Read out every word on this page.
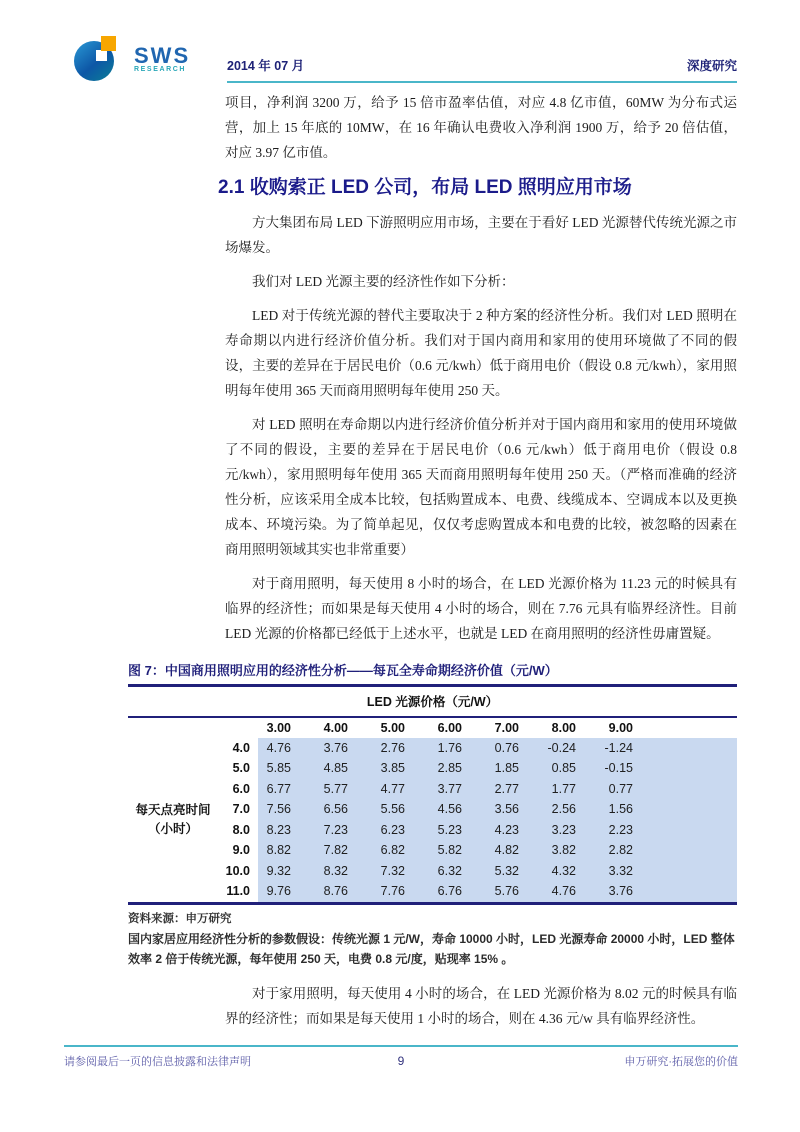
SWS
RESEARCH	2014 年 07 月	深度研究

项目，净利润 3200 万，给予 15 倍市盈率估值，对应 4.8 亿市值，60MW 为分布式运营，加上 15 年底的 10MW，在 16 年确认电费收入净利润 1900 万，给予 20 倍估值，对应 3.97 亿市值。

2.1 收购索正 LED 公司，布局 LED 照明应用市场

方大集团布局 LED 下游照明应用市场，主要在于看好 LED 光源替代传统光源之市场爆发。

我们对 LED 光源主要的经济性作如下分析：

LED 对于传统光源的替代主要取决于 2 种方案的经济性分析。我们对 LED 照明在寿命期以内进行经济价值分析。我们对于国内商用和家用的使用环境做了不同的假设，主要的差异在于居民电价（0.6 元/kwh）低于商用电价（假设 0.8 元/kwh），家用照明每年使用 365 天而商用照明每年使用 250 天。

对 LED 照明在寿命期以内进行经济价值分析并对于国内商用和家用的使用环境做了不同的假设，主要的差异在于居民电价（0.6 元/kwh）低于商用电价（假设 0.8 元/kwh），家用照明每年使用 365 天而商用照明每年使用 250 天。（严格而准确的经济性分析，应该采用全成本比较，包括购置成本、电费、线缆成本、空调成本以及更换成本、环境污染。为了简单起见，仅仅考虑购置成本和电费的比较，被忽略的因素在商用照明领域其实也非常重要）

对于商用照明，每天使用 8 小时的场合，在 LED 光源价格为 11.23 元的时候具有临界的经济性；而如果是每天使用 4 小时的场合，则在 7.76 元具有临界经济性。目前 LED 光源的价格都已经低于上述水平，也就是 LED 在商用照明的经济性毋庸置疑。

图 7：中国商用照明应用的经济性分析——每瓦全寿命期经济价值（元/W）
LED 光源价格（元/W）									
		3.00	4.00	5.00	6.00	7.00	8.00	9.00	

每天点亮时间
（小时）	4.0	4.76	3.76	2.76	1.76	0.76	-0.24	-1.24	
	5.0	5.85	4.85	3.85	2.85	1.85	0.85	-0.15	
	6.0	6.77	5.77	4.77	3.77	2.77	1.77	0.77	
	7.0	7.56	6.56	5.56	4.56	3.56	2.56	1.56	
	8.0	8.23	7.23	6.23	5.23	4.23	3.23	2.23	
	9.0	8.82	7.82	6.82	5.82	4.82	3.82	2.82	
	10.0	9.32	8.32	7.32	6.32	5.32	4.32	3.32	
	11.0	9.76	8.76	7.76	6.76	5.76	4.76	3.76	
资料来源：申万研究
国内家居应用经济性分析的参数假设：传统光源 1 元/W，寿命 10000 小时，LED 光源寿命 20000 小时，LED 整体效率 2 倍于传统光源，每年使用 250 天，电费 0.8 元/度，贴现率 15% 。

对于家用照明，每天使用 4 小时的场合，在 LED 光源价格为 8.02 元的时候具有临界的经济性；而如果是每天使用 1 小时的场合，则在 4.36 元/w 具有临界经济性。

请参阅最后一页的信息披露和法律声明	9	申万研究·拓展您的价值
